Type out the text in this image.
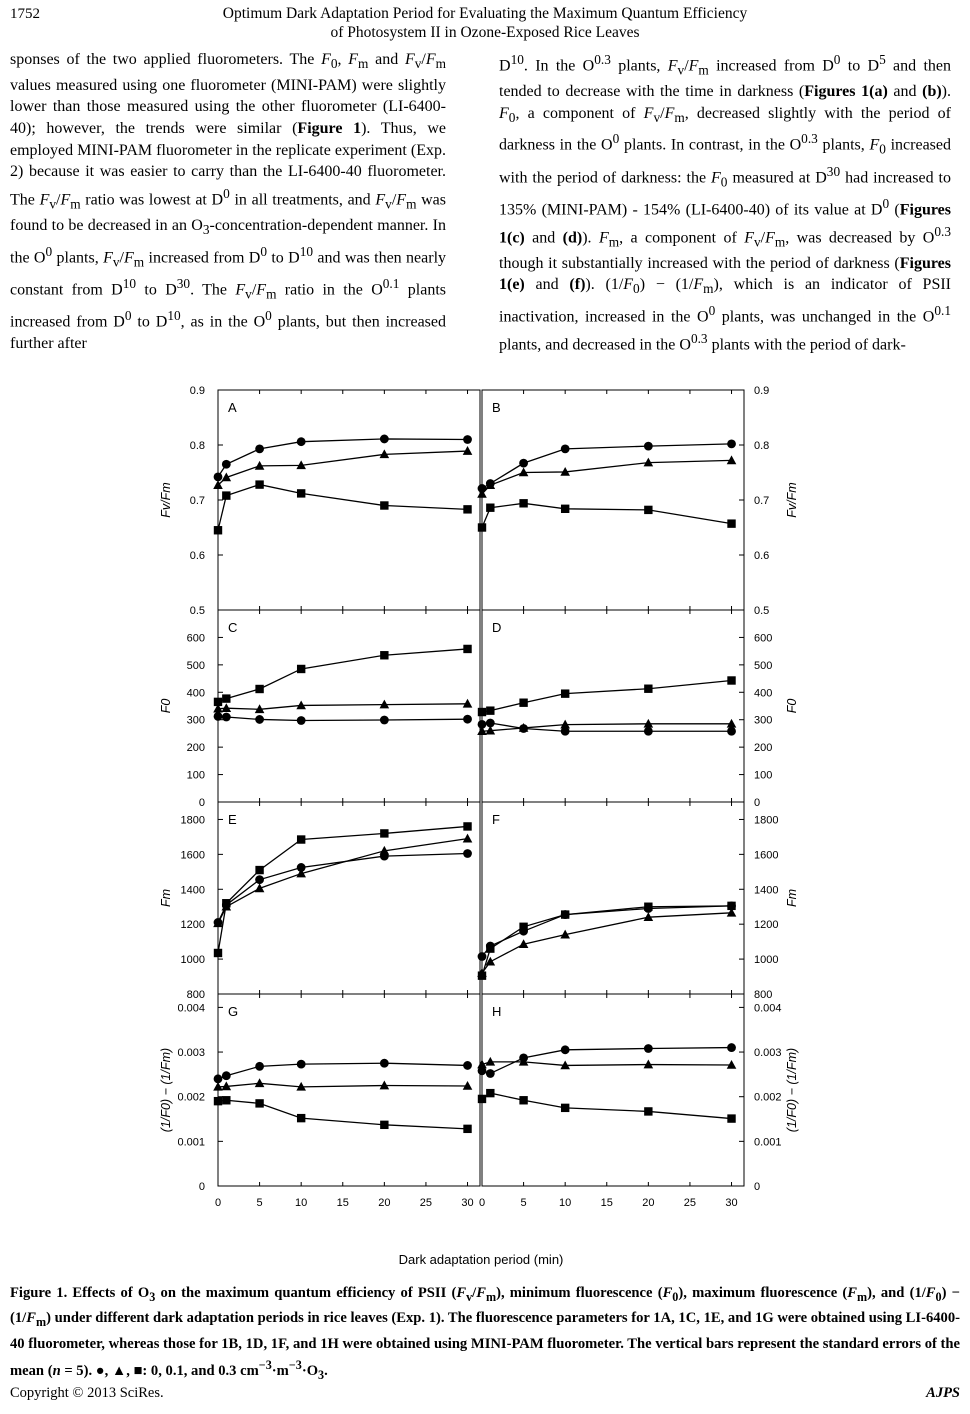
1752	Optimum Dark Adaptation Period for Evaluating the Maximum Quantum Efficiency
of Photosystem II in Ozone-Exposed Rice Leaves
sponses of the two applied fluorometers. The $F_0$, $F_m$ and $F_v/F_m$ values measured using one fluorometer (MINI-PAM) were slightly lower than those measured using the other fluorometer (LI-6400-40); however, the trends were similar (Figure 1). Thus, we employed MINI-PAM fluorometer in the replicate experiment (Exp. 2) because it was easier to carry than the LI-6400-40 fluorometer. The $F_v/F_m$ ratio was lowest at $D^0$ in all treatments, and $F_v/F_m$ was found to be decreased in an $O_3-concentration$-dependent manner. In the $O^0$ plants, $F_v/F_m$ increased from $D^0$ to $D^{10}$ and was then nearly constant from $D^{10}$ to $D^{30}$. The $F_v/F_m$ ratio in the $O^{0.1}$ plants increased from $D^0$ to $D^{10}$, as in the $O^0$ plants, but then increased further after
$D^{10}$. In the $O^{0.3}$ plants, $F_v/F_m$ increased from $D^0$ to $D^5$ and then tended to decrease with the time in darkness (Figures 1(a) and (b)). $F_0$, a component of $F_v/F_m$, decreased slightly with the period of darkness in the $O^0$ plants. In contrast, in the $O^{0.3}$ plants, $F_0$ increased with the period of darkness: the $F_0$ measured at $D^{30}$ had increased to 135% (MINI-PAM) - 154% (LI-6400-40) of its value at $D^0$ (Figures 1(c) and (d)). $F_m$, a component of $F_v/F_m$, was decreased by $O^{0.3}$ though it substantially increased with the period of darkness (Figures 1(e) and (f)). $(1/F_0) - (1/F_m)$, which is an indicator of PSII inactivation, increased in the $O^0$ plants, was unchanged in the $O^{0.1}$ plants, and decreased in the $O^{0.3}$ plants with the period of dark-
A
0.5
0.6
0.7
0.8
0.9
Fv/Fm
B
0.5
0.6
0.7
0.8
0.9
Fv/Fm
C
0
100
200
300
400
500
600
F0
D
0
100
200
300
400
500
600
F0
E
800
1000
1200
1400
1600
1800
Fm
F
800
1000
1200
1400
1600
1800
Fm
G
0
0.001
0.002
0.003
0.004
(1/F0) − (1/Fm)
0	5	10	15	20	25	30
H
0
0.001
0.002
0.003
0.004
(1/F0) − (1/Fm)
0	5	10	15	20	25	30
Dark adaptation period (min)
Figure 1. Effects of $O_3$ on the maximum quantum efficiency of PSII $(F_v/F_m)$, minimum fluorescence $(F_0)$, maximum fluorescence $(F_m)$, and $(1/F_0) - (1/F_m)$ under different dark adaptation periods in rice leaves (Exp. 1). The fluorescence parameters for 1A, 1C, 1E, and 1G were obtained using LI-6400-40 fluorometer, whereas those for 1B, 1D, 1F, and 1H were obtained using MINI-PAM fluorometer. The vertical bars represent the standard errors of the mean (n = 5). ●, ▲, ■: 0, 0.1, and 0.3 $cm^{-3}\cdot m^{-3}\cdot O_3$.
Copyright © 2013 SciRes.	AJPS
